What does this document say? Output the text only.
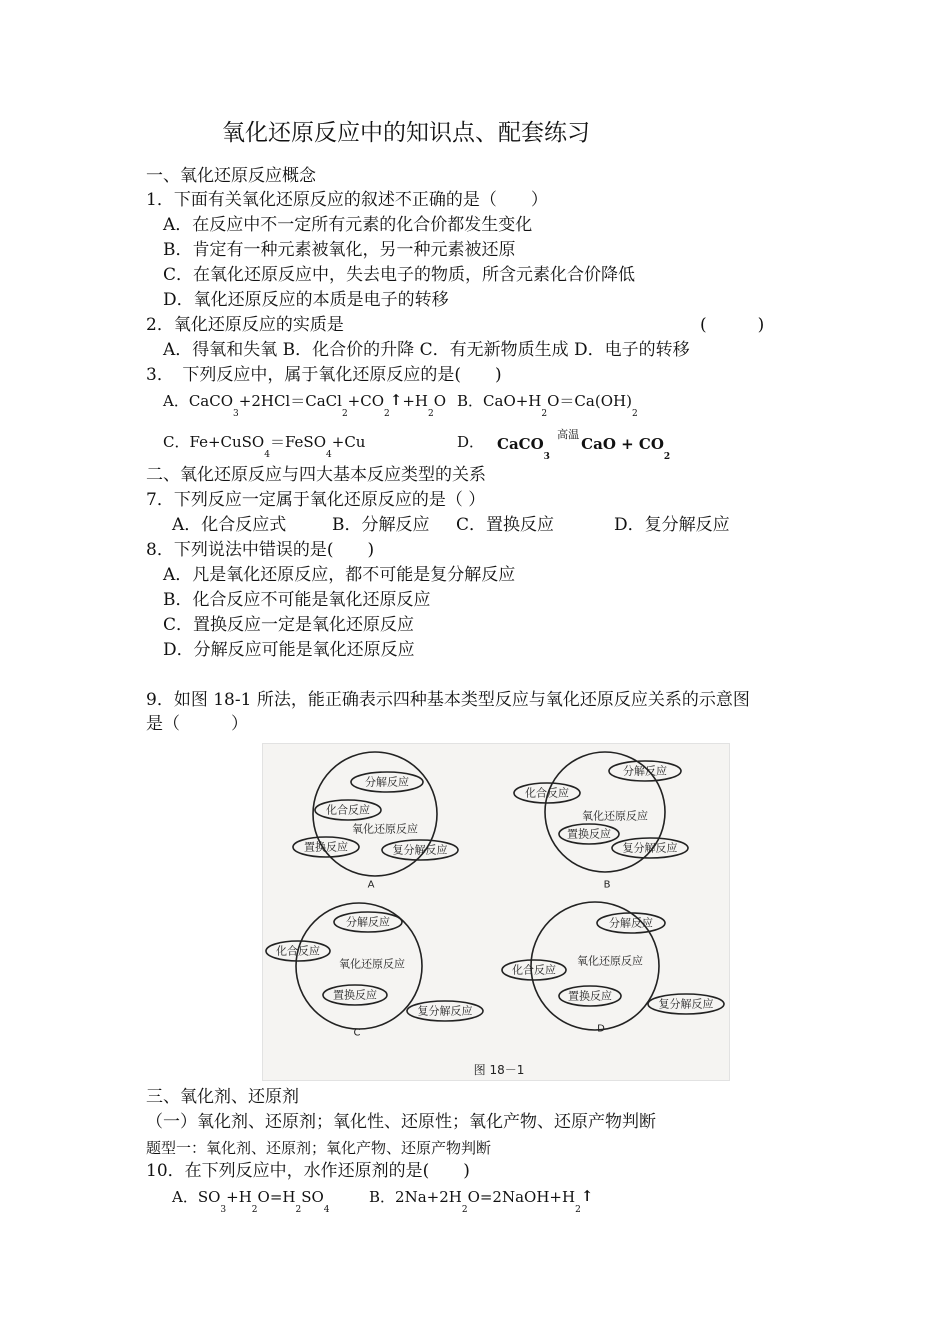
氧化还原反应中的知识点、配套练习
一、氧化还原反应概念
1．下面有关氧化还原反应的叙述不正确的是（　　）
A．在反应中不一定所有元素的化合价都发生变化
B．肯定有一种元素被氧化，另一种元素被还原
C．在氧化还原反应中，失去电子的物质，所含元素化合价降低
D．氧化还原反应的本质是电子的转移
2．氧化还原反应的实质是	(　　　)
A．得氧和失氧 B．化合价的升降 C．有无新物质生成 D．电子的转移
3．　下列反应中，属于氧化还原反应的是(　　)
A．$CaCO_3+2HCl=CaCl_2+CO_2↑+H_2O$ B．$CaO+H_2O=Ca(OH)_2$
C．Fe+CuSO$_4$＝FeSO$_4$+Cu	D． CaCO$_3$ $^{高温}CaO + CO_2$
二、氧化还原反应与四大基本反应类型的关系
7．下列反应一定属于氧化还原反应的是（ ）
A．化合反应式	B．分解反应 C．置换反应	D．复分解反应
8．下列说法中错误的是(　　)
A．凡是氧化还原反应，都不可能是复分解反应
B．化合反应不可能是氧化还原反应
C．置换反应一定是氧化还原反应
D．分解反应可能是氧化还原反应
9．如图 18-1 所法，能正确表示四种基本类型反应与氧化还原反应关系的示意图
是（　　　）
分解反应
化合反应
氧化还原反应
置换反应	复分解反应
A
分解反应
化合反应
氧化还原反应
置换反应
复分解反应
B
分解反应
化合反应
氧化还原反应
置换反应
复分解反应
C
分解反应
氧化还原反应
化合反应
置换反应
复分解反应
D
图 18－1
三、氧化剂、还原剂
（一）氧化剂、还原剂；氧化性、还原性；氧化产物、还原产物判断
题型一：氧化剂、还原剂；氧化产物、还原产物判断
10．在下列反应中，水作还原剂的是(　　)
A．$SO_3+H_2O=H_2SO_4$
B．$2Na+2H_2O=2NaOH+H_2↑$
